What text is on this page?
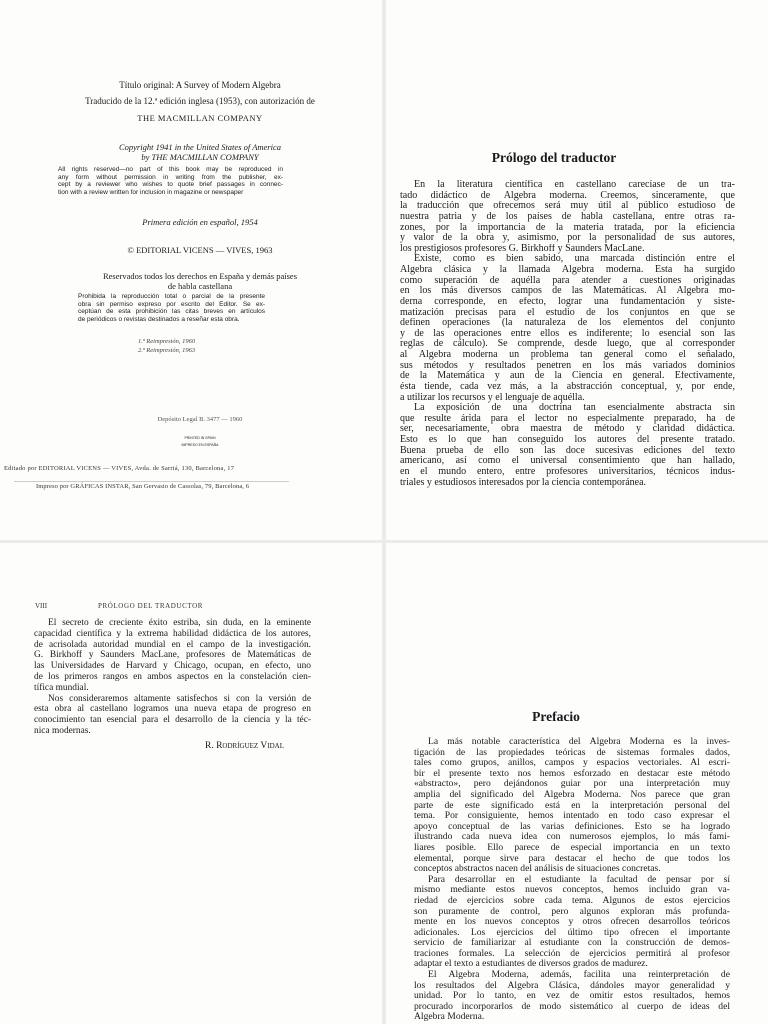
Título original: A Survey of Modern Algebra
Traducido de la 12.ª edición inglesa (1953), con autorización de
THE MACMILLAN COMPANY
Copyright 1941 in the United States of America
by THE MACMILLAN COMPANY
All rights reserved—no part of this book may be reproduced in
any form without permission in writing from the publisher, ex-
cept by a reviewer who wishes to quote brief passages in connec-
tion with a review written for inclusion in magazine or newspaper
Primera edición en español, 1954
© EDITORIAL VICENS — VIVES, 1963
Reservados todos los derechos en España y demás países
de habla castellana
Prohibida la reproducción total o parcial de la presente
obra sin permiso expreso por escrito del Editor. Se ex-
ceptúan de esta prohibición las citas breves en artículos
de periódicos o revistas destinados a reseñar esta obra.
1.ª Reimpresión, 1960
2.ª Reimpresión, 1963
Depósito Legal B. 3477 — 1960
PRINTED IN SPAIN
IMPRESO EN ESPAÑA
Editado por EDITORIAL VICENS — VIVES, Avda. de Sarriá, 130, Barcelona, 17
Impreso por GRÁFICAS INSTAR, San Gervasio de Cassolas, 79, Barcelona, 6
Prólogo del traductor
En la literatura científica en castellano carecíase de un tra-
tado didáctico de Álgebra moderna. Creemos, sinceramente, que
la traducción que ofrecemos será muy útil al público estudioso de
nuestra patria y de los países de habla castellana, entre otras ra-
zones, por la importancia de la materia tratada, por la eficiencia
y valor de la obra y, asimismo, por la personalidad de sus autores,
los prestigiosos profesores G. Birkhoff y Saunders MacLane.
Existe, como es bien sabido, una marcada distinción entre el
Álgebra clásica y la llamada Álgebra moderna. Ésta ha surgido
como superación de aquélla para atender a cuestiones originadas
en los más diversos campos de las Matemáticas. Al Álgebra mo-
derna corresponde, en efecto, lograr una fundamentación y siste-
matización precisas para el estudio de los conjuntos en que se
definen operaciones (la naturaleza de los elementos del conjunto
y de las operaciones entre ellos es indiferente; lo esencial son las
reglas de cálculo). Se comprende, desde luego, que al corresponder
al Álgebra moderna un problema tan general como el señalado,
sus métodos y resultados penetren en los más variados dominios
de la Matemática y aun de la Ciencia en general. Efectivamente,
ésta tiende, cada vez más, a la abstracción conceptual, y, por ende,
a utilizar los recursos y el lenguaje de aquélla.
La exposición de una doctrina tan esencialmente abstracta sin
que resulte árida para el lector no especialmente preparado, ha de
ser, necesariamente, obra maestra de método y claridad didáctica.
Esto es lo que han conseguido los autores del presente tratado.
Buena prueba de ello son las doce sucesivas ediciones del texto
americano, así como el universal consentimiento que han hallado,
en el mundo entero, entre profesores universitarios, técnicos indus-
triales y estudiosos interesados por la ciencia contemporánea.
VIII	PRÓLOGO DEL TRADUCTOR
El secreto de creciente éxito estriba, sin duda, en la eminente
capacidad científica y la extrema habilidad didáctica de los autores,
de acrisolada autoridad mundial en el campo de la investigación.
G. Birkhoff y Saunders MacLane, profesores de Matemáticas de
las Universidades de Harvard y Chicago, ocupan, en efecto, uno
de los primeros rangos en ambos aspectos en la constelación cien-
tífica mundial.
Nos consideraremos altamente satisfechos si con la versión de
esta obra al castellano logramos una nueva etapa de progreso en
conocimiento tan esencial para el desarrollo de la ciencia y la téc-
nica modernas.
R. Rodríguez Vidal
Prefacio
La más notable característica del Álgebra Moderna es la inves-
tigación de las propiedades teóricas de sistemas formales dados,
tales como grupos, anillos, campos y espacios vectoriales. Al escri-
bir el presente texto nos hemos esforzado en destacar este método
«abstracto», pero dejándonos guiar por una interpretación muy
amplia del significado del Álgebra Moderna. Nos parece que gran
parte de este significado está en la interpretación personal del
tema. Por consiguiente, hemos intentado en todo caso expresar el
apoyo conceptual de las varias definiciones. Esto se ha logrado
ilustrando cada nueva idea con numerosos ejemplos, lo más fami-
liares posible. Ello parece de especial importancia en un texto
elemental, porque sirve para destacar el hecho de que todos los
conceptos abstractos nacen del análisis de situaciones concretas.
Para desarrollar en el estudiante la facultad de pensar por sí
mismo mediante estos nuevos conceptos, hemos incluido gran va-
riedad de ejercicios sobre cada tema. Algunos de estos ejercicios
son puramente de control, pero algunos exploran más profunda-
mente en los nuevos conceptos y otros ofrecen desarrollos teóricos
adicionales. Los ejercicios del último tipo ofrecen el importante
servicio de familiarizar al estudiante con la construcción de demos-
traciones formales. La selección de ejercicios permitirá al profesor
adaptar el texto a estudiantes de diversos grados de madurez.
El Álgebra Moderna, además, facilita una reinterpretación de
los resultados del Álgebra Clásica, dándoles mayor generalidad y
unidad. Por lo tanto, en vez de omitir estos resultados, hemos
procurado incorporarlos de modo sistemático al cuerpo de ideas del
Álgebra Moderna.
